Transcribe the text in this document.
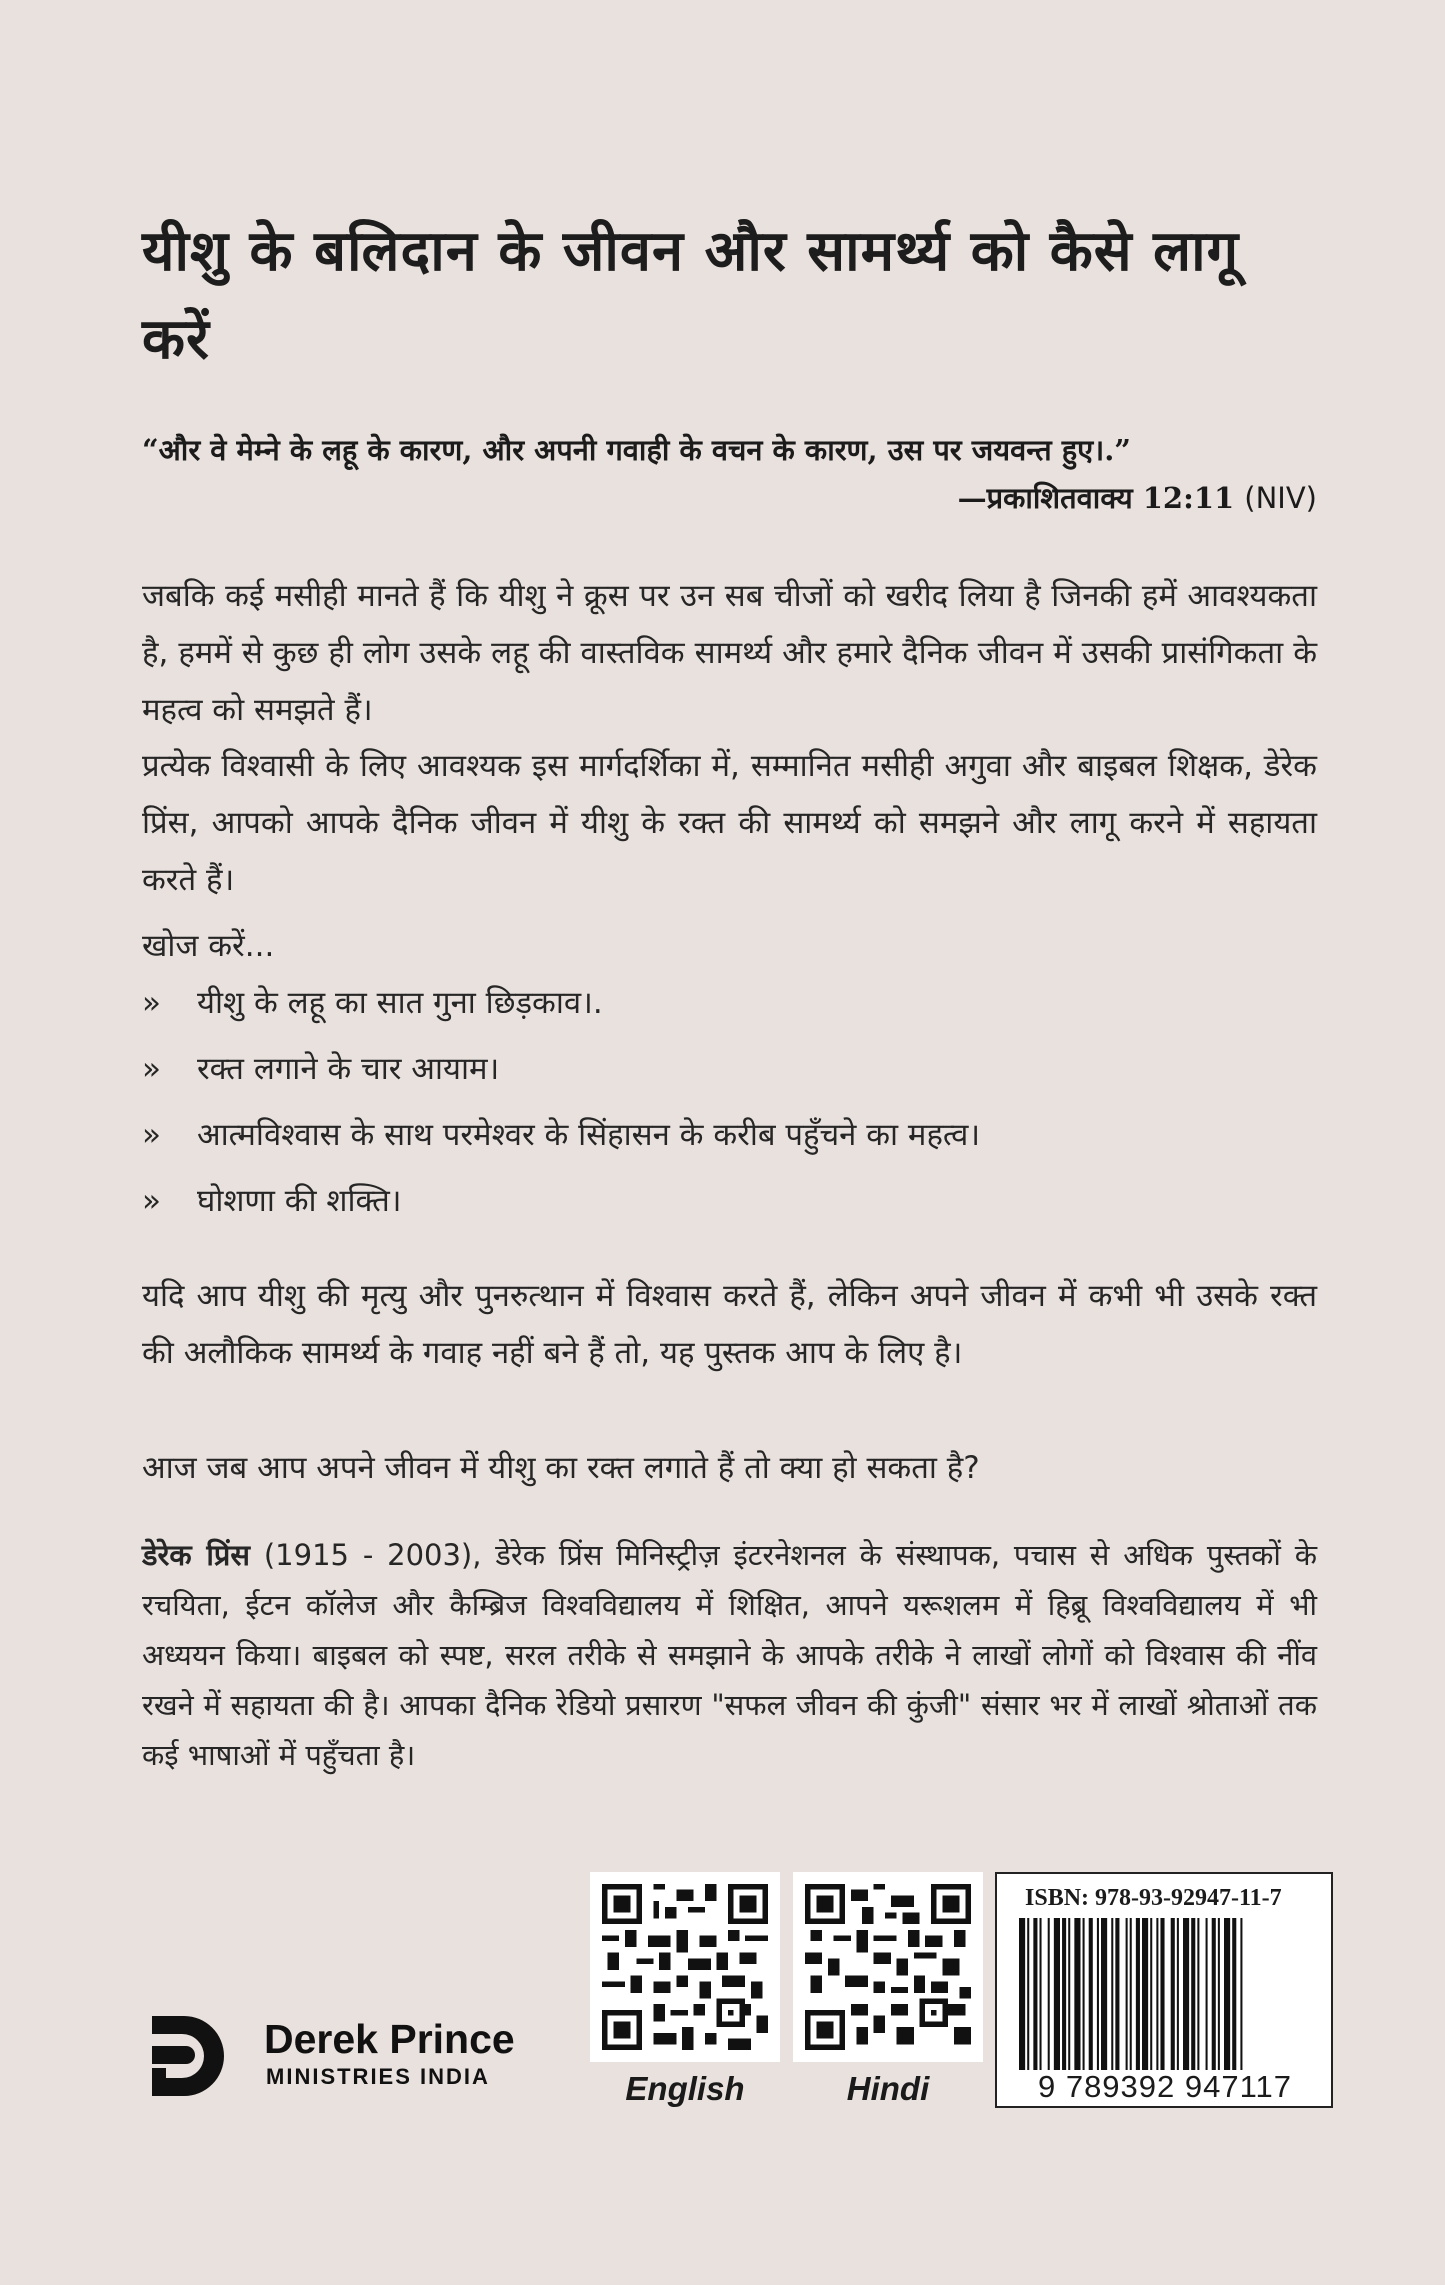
यीशु के बलिदान के जीवन और सामर्थ्य को कैसे लागू करें

“और वे मेम्ने के लहू के कारण, और अपनी गवाही के वचन के कारण, उस पर जयवन्त हुए।.”

—प्रकाशितवाक्य 12:11 (NIV)

जबकि कई मसीही मानते हैं कि यीशु ने क्रूस पर उन सब चीजों को खरीद लिया है जिनकी हमें आवश्यकता है, हममें से कुछ ही लोग उसके लहू की वास्तविक सामर्थ्य और हमारे दैनिक जीवन में उसकी प्रासंगिकता के महत्व को समझते हैं।

प्रत्येक विश्वासी के लिए आवश्यक इस मार्गदर्शिका में, सम्मानित मसीही अगुवा और बाइबल शिक्षक, डेरेक प्रिंस, आपको आपके दैनिक जीवन में यीशु के रक्त की सामर्थ्य को समझने और लागू करने में सहायता करते हैं।

खोज करें...

»	यीशु के लहू का सात गुना छिड़काव।.
»	रक्त लगाने के चार आयाम।
»	आत्मविश्वास के साथ परमेश्वर के सिंहासन के करीब पहुँचने का महत्व।
»	घोशणा की शक्ति।

यदि आप यीशु की मृत्यु और पुनरुत्थान में विश्वास करते हैं, लेकिन अपने जीवन में कभी भी उसके रक्त की अलौकिक सामर्थ्य के गवाह नहीं बने हैं तो, यह पुस्तक आप के लिए है।

आज जब आप अपने जीवन में यीशु का रक्त लगाते हैं तो क्या हो सकता है?

डेरेक प्रिंस (1915 - 2003), डेरेक प्रिंस मिनिस्ट्रीज़ इंटरनेशनल के संस्थापक, पचास से अधिक पुस्तकों के रचयिता, ईटन कॉलेज और कैम्ब्रिज विश्वविद्यालय में शिक्षित, आपने यरूशलम में हिब्रू विश्वविद्यालय में भी अध्ययन किया। बाइबल को स्पष्ट, सरल तरीके से समझाने के आपके तरीके ने लाखों लोगों को विश्वास की नींव रखने में सहायता की है। आपका दैनिक रेडियो प्रसारण "सफल जीवन की कुंजी" संसार भर में लाखों श्रोताओं तक कई भाषाओं में पहुँचता है।

Derek Prince
MINISTRIES INDIA	English	Hindi
ISBN: 978-93-92947-11-7
9 789392 947117
